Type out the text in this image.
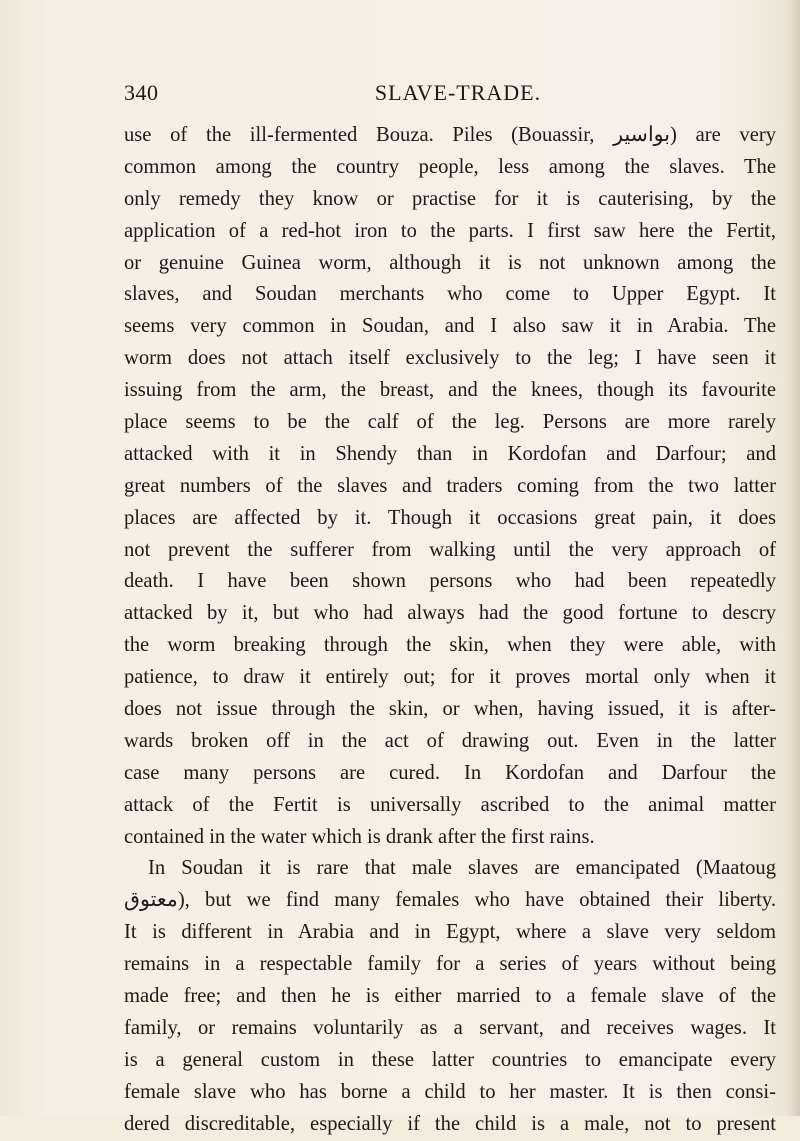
340	SLAVE-TRADE.
use of the ill-fermented Bouza. Piles (Bouassir, بواسير) are very
common among the country people, less among the slaves. The
only remedy they know or practise for it is cauterising, by the
application of a red-hot iron to the parts. I first saw here the Fertit,
or genuine Guinea worm, although it is not unknown among the
slaves, and Soudan merchants who come to Upper Egypt. It
seems very common in Soudan, and I also saw it in Arabia. The
worm does not attach itself exclusively to the leg; I have seen it
issuing from the arm, the breast, and the knees, though its favourite
place seems to be the calf of the leg. Persons are more rarely
attacked with it in Shendy than in Kordofan and Darfour; and
great numbers of the slaves and traders coming from the two latter
places are affected by it. Though it occasions great pain, it does
not prevent the sufferer from walking until the very approach of
death. I have been shown persons who had been repeatedly
attacked by it, but who had always had the good fortune to descry
the worm breaking through the skin, when they were able, with
patience, to draw it entirely out; for it proves mortal only when it
does not issue through the skin, or when, having issued, it is after-
wards broken off in the act of drawing out. Even in the latter
case many persons are cured. In Kordofan and Darfour the
attack of the Fertit is universally ascribed to the animal matter
contained in the water which is drank after the first rains.
In Soudan it is rare that male slaves are emancipated (Maatoug
معتوق), but we find many females who have obtained their liberty.
It is different in Arabia and in Egypt, where a slave very seldom
remains in a respectable family for a series of years without being
made free; and then he is either married to a female slave of the
family, or remains voluntarily as a servant, and receives wages. It
is a general custom in these latter countries to emancipate every
female slave who has borne a child to her master. It is then consi-
dered discreditable, especially if the child is a male, not to present
